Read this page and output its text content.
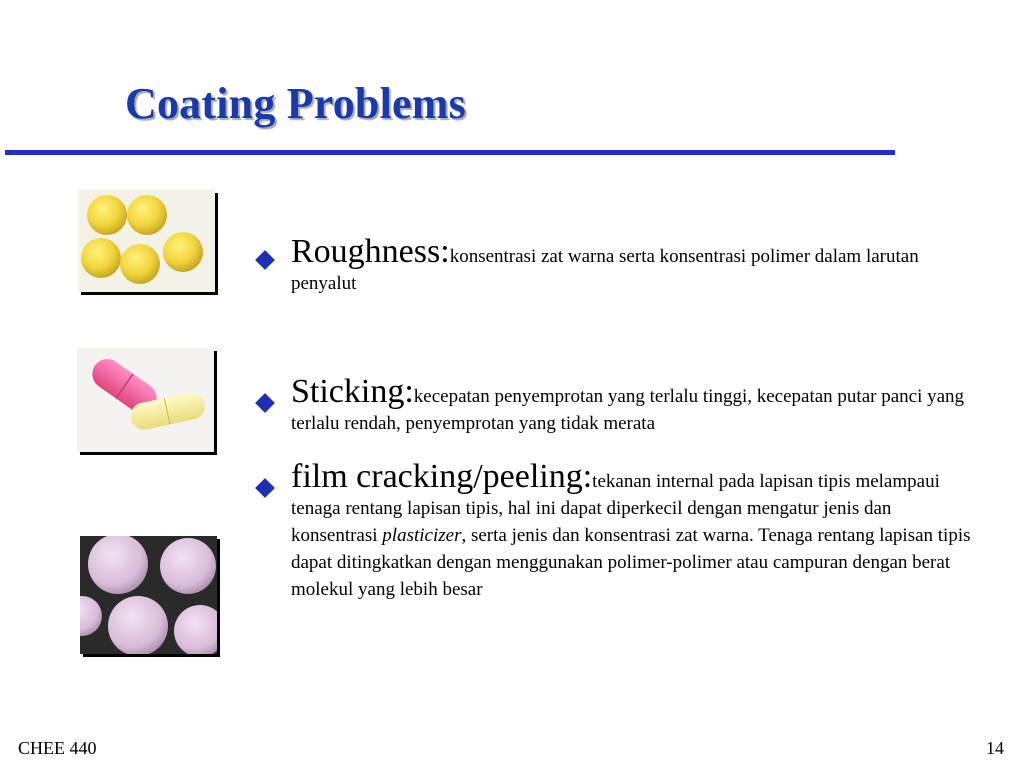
Coating Problems
Roughness:konsentrasi zat warna serta konsentrasi polimer dalam larutan penyalut
Sticking:kecepatan penyemprotan yang terlalu tinggi, kecepatan putar panci yang terlalu rendah, penyemprotan yang tidak merata
film cracking/peeling:tekanan internal pada lapisan tipis melampaui tenaga rentang lapisan tipis, hal ini dapat diperkecil dengan mengatur jenis dan konsentrasi plasticizer, serta jenis dan konsentrasi zat warna. Tenaga rentang lapisan tipis dapat ditingkatkan dengan menggunakan polimer-polimer atau campuran dengan berat molekul yang lebih besar
CHEE 440	14
